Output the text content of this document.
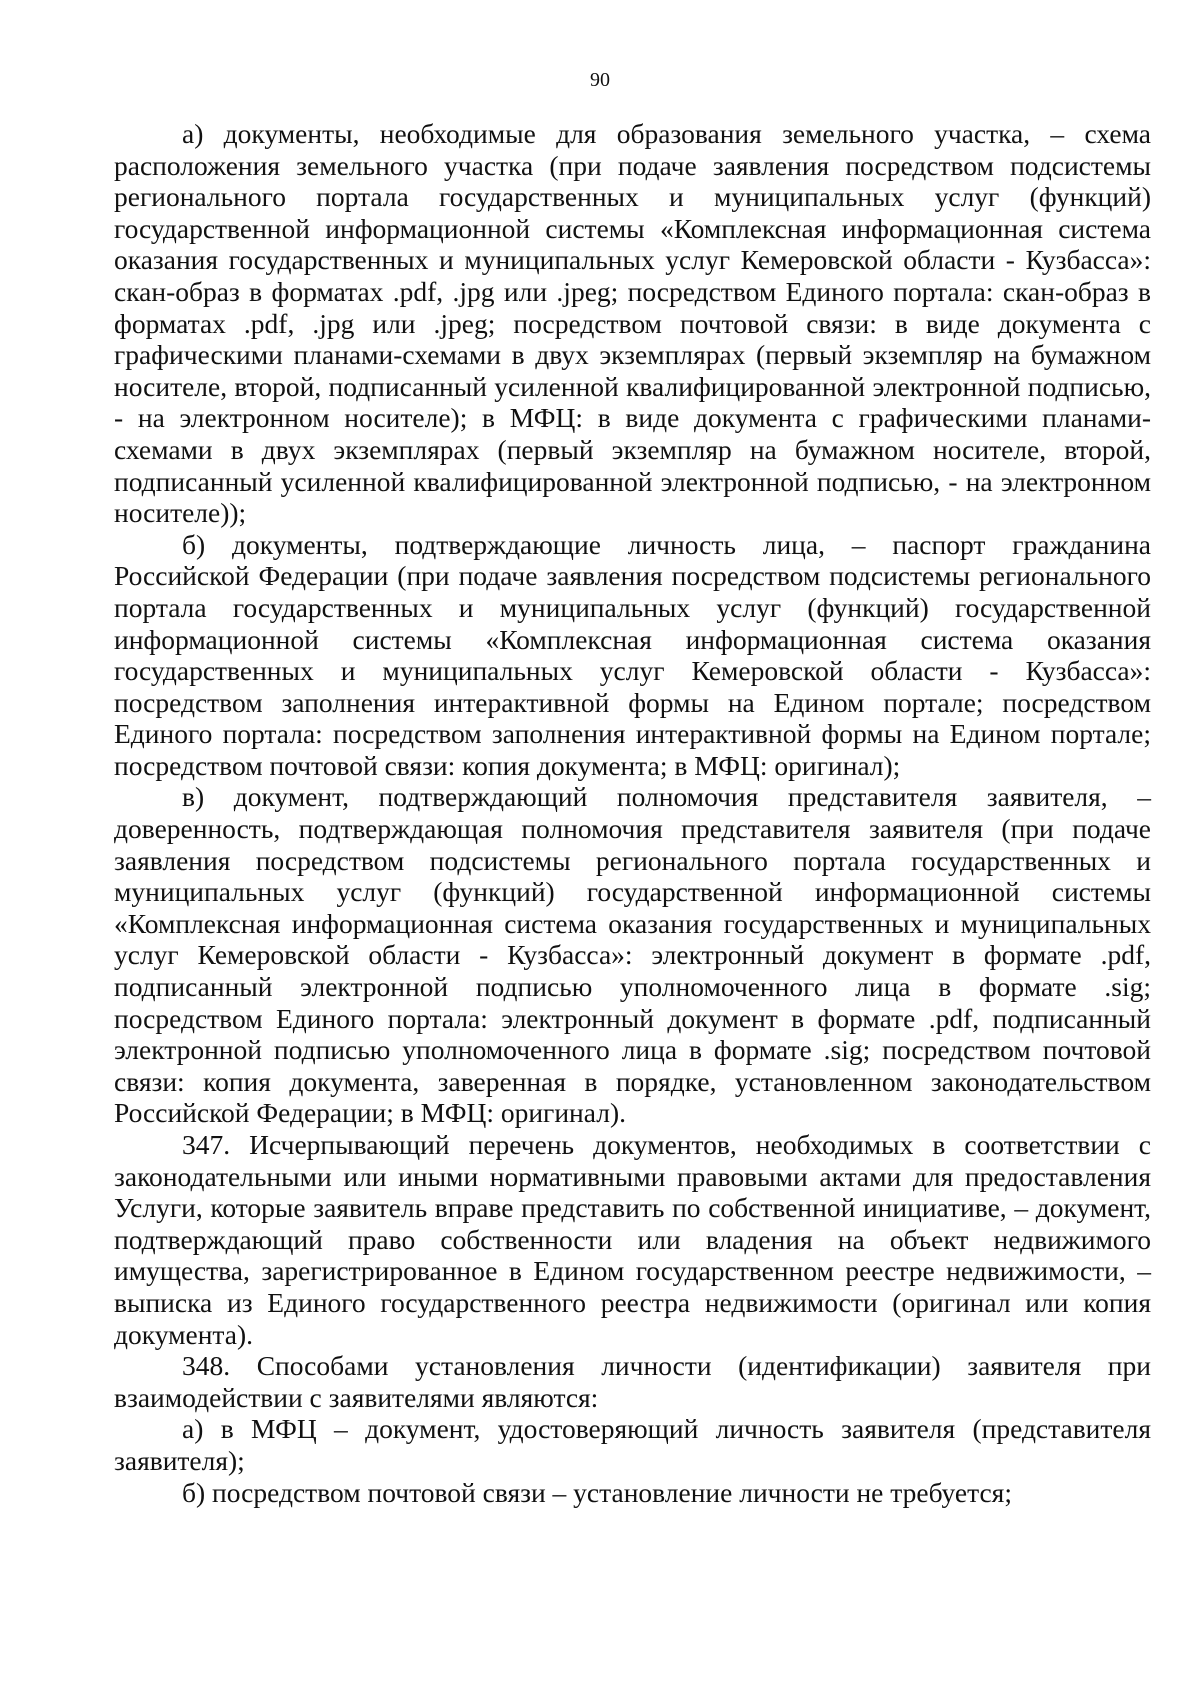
90

а) документы, необходимые для образования земельного участка, – схема расположения земельного участка (при подаче заявления посредством подсистемы регионального портала государственных и муниципальных услуг (функций) государственной информационной системы «Комплексная информационная система оказания государственных и муниципальных услуг Кемеровской области - Кузбасса»: скан-образ в форматах .pdf, .jpg или .jpeg; посредством Единого портала: скан-образ в форматах .pdf, .jpg или .jpeg; посредством почтовой связи: в виде документа с графическими планами-схемами в двух экземплярах (первый экземпляр на бумажном носителе, второй, подписанный усиленной квалифицированной электронной подписью, - на электронном носителе); в МФЦ: в виде документа с графическими планами-схемами в двух экземплярах (первый экземпляр на бумажном носителе, второй, подписанный усиленной квалифицированной электронной подписью, - на электронном носителе));

б) документы, подтверждающие личность лица, – паспорт гражданина Российской Федерации (при подаче заявления посредством подсистемы регионального портала государственных и муниципальных услуг (функций) государственной информационной системы «Комплексная информационная система оказания государственных и муниципальных услуг Кемеровской области - Кузбасса»: посредством заполнения интерактивной формы на Едином портале; посредством Единого портала: посредством заполнения интерактивной формы на Едином портале; посредством почтовой связи: копия документа; в МФЦ: оригинал);

в) документ, подтверждающий полномочия представителя заявителя, – доверенность, подтверждающая полномочия представителя заявителя (при подаче заявления посредством подсистемы регионального портала государственных и муниципальных услуг (функций) государственной информационной системы «Комплексная информационная система оказания государственных и муниципальных услуг Кемеровской области - Кузбасса»: электронный документ в формате .pdf, подписанный электронной подписью уполномоченного лица в формате .sig; посредством Единого портала: электронный документ в формате .pdf, подписанный электронной подписью уполномоченного лица в формате .sig; посредством почтовой связи: копия документа, заверенная в порядке, установленном законодательством Российской Федерации; в МФЦ: оригинал).

347. Исчерпывающий перечень документов, необходимых в соответствии с законодательными или иными нормативными правовыми актами для предоставления Услуги, которые заявитель вправе представить по собственной инициативе, – документ, подтверждающий право собственности или владения на объект недвижимого имущества, зарегистрированное в Едином государственном реестре недвижимости, – выписка из Единого государственного реестра недвижимости (оригинал или копия документа).

348. Способами установления личности (идентификации) заявителя при взаимодействии с заявителями являются:

а) в МФЦ – документ, удостоверяющий личность заявителя (представителя заявителя);

б) посредством почтовой связи – установление личности не требуется;
